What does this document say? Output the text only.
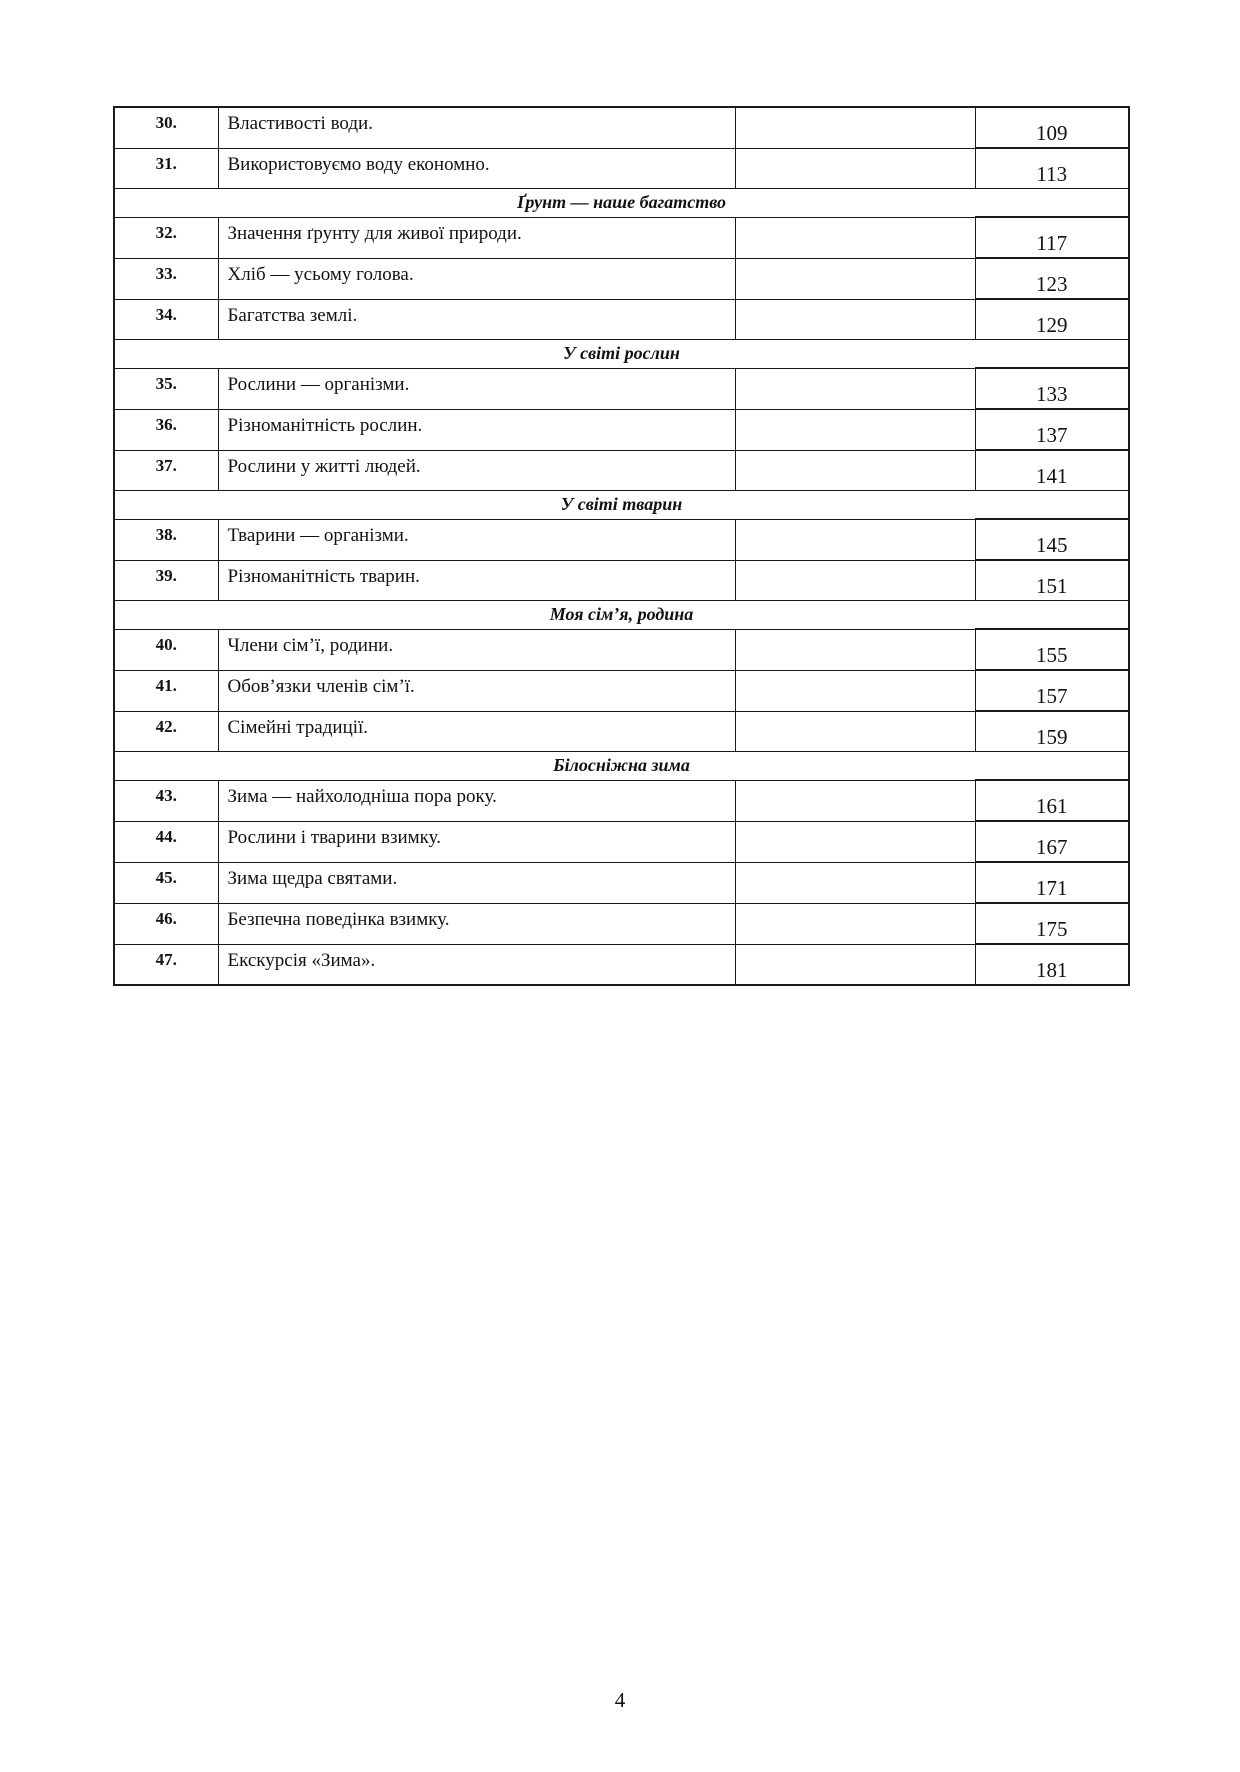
30.	Властивості води.		109
31.	Використовуємо воду економно.		113
Ґрунт — наше багатство			
32.	Значення ґрунту для живої природи.		117
33.	Хліб — усьому голова.		123
34.	Багатства землі.		129
У світі рослин			
35.	Рослини — організми.		133
36.	Різноманітність рослин.		137
37.	Рослини у житті людей.		141
У світі тварин			
38.	Тварини — організми.		145
39.	Різноманітність тварин.		151
Моя сім’я, родина			
40.	Члени сім’ї, родини.		155
41.	Обов’язки членів сім’ї.		157
42.	Сімейні традиції.		159
Білосніжна зима			
43.	Зима — найхолодніша пора року.		161
44.	Рослини і тварини взимку.		167
45.	Зима щедра святами.		171
46.	Безпечна поведінка взимку.		175
47.	Екскурсія «Зима».		181
4
